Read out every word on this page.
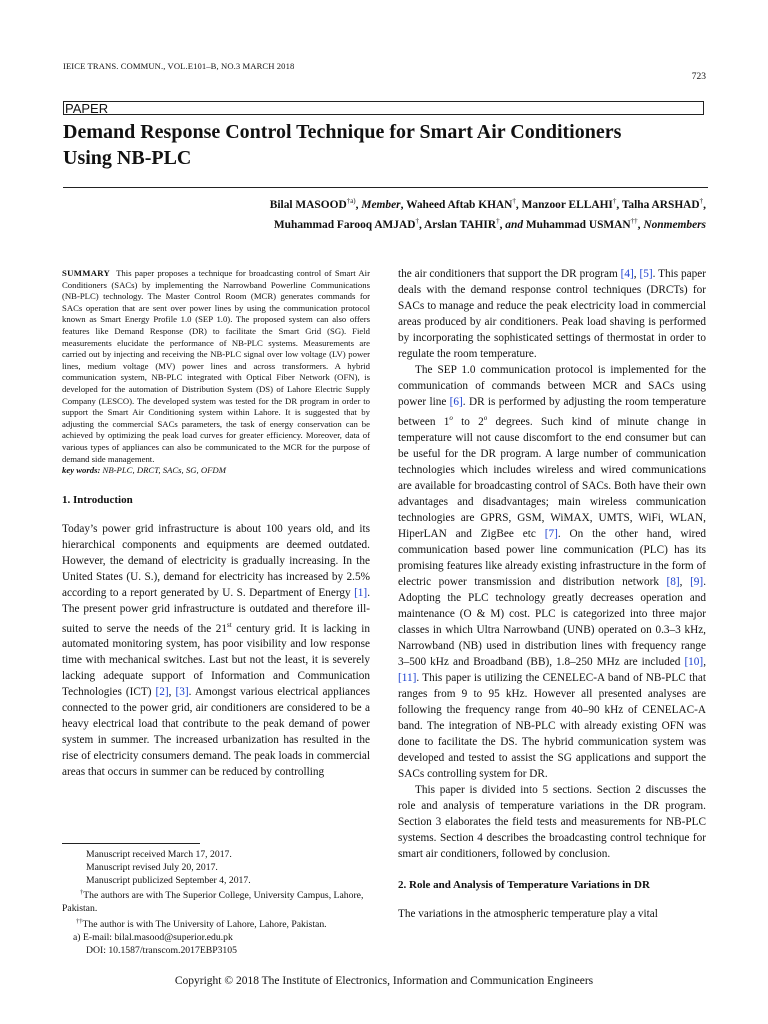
IEICE TRANS. COMMUN., VOL.E101–B, NO.3 MARCH 2018
723
PAPER
Demand Response Control Technique for Smart Air Conditioners
Using NB-PLC
Bilal MASOOD$^{\dagger a)}$, Member, Waheed Aftab KHAN†, Manzoor ELLAHI†, Talha ARSHAD†,
Muhammad Farooq AMJAD†, Arslan TAHIR†, and Muhammad USMAN††, Nonmembers

SUMMARY This paper proposes a technique for broadcasting control of Smart Air Conditioners (SACs) by implementing the Narrowband Powerline Communications (NB-PLC) technology. The Master Control Room (MCR) generates commands for SACs operation that are sent over power lines by using the communication protocol known as Smart Energy Profile 1.0 (SEP 1.0). The proposed system can also offers features like Demand Response (DR) to facilitate the Smart Grid (SG). Field measurements elucidate the performance of NB-PLC systems. Measurements are carried out by injecting and receiving the NB-PLC signal over low voltage (LV) power lines, medium voltage (MV) power lines and across transformers. A hybrid communication system, NB-PLC integrated with Optical Fiber Network (OFN), is developed for the automation of Distribution System (DS) of Lahore Electric Supply Company (LESCO). The developed system was tested for the DR program in order to support the Smart Air Conditioning system within Lahore. It is suggested that by adjusting the commercial SACs parameters, the task of energy conservation can be achieved by optimizing the peak load curves for greater efficiency. Moreover, data of various types of appliances can also be communicated to the MCR for the purpose of demand side management.

key words: NB-PLC, DRCT, SACs, SG, OFDM

1. Introduction

Today’s power grid infrastructure is about 100 years old, and its hierarchical components and equipments are deemed outdated. However, the demand of electricity is gradually increasing. In the United States (U. S.), demand for electricity has increased by 2.5% according to a report generated by U. S. Department of Energy [1]. The present power grid infrastructure is outdated and therefore ill-suited to serve the needs of the 21st century grid. It is lacking in automated monitoring system, has poor visibility and low response time with mechanical switches. Last but not the least, it is severely lacking adequate support of Information and Communication Technologies (ICT) [2], [3]. Amongst various electrical appliances connected to the power grid, air conditioners are considered to be a heavy electrical load that contribute to the peak demand of power system in summer. The increased urbanization has resulted in the rise of electricity consumers demand. The peak loads in commercial areas that occurs in summer can be reduced by controlling

the air conditioners that support the DR program [4], [5]. This paper deals with the demand response control techniques (DRCTs) for SACs to manage and reduce the peak electricity load in commercial areas produced by air conditioners. Peak load shaving is performed by incorporating the sophisticated settings of thermostat in order to regulate the room temperature.

The SEP 1.0 communication protocol is implemented for the communication of commands between MCR and SACs using power line [6]. DR is performed by adjusting the room temperature between 1$^o$ to 2$^o$ degrees. Such kind of minute change in temperature will not cause discomfort to the end consumer but can be useful for the DR program. A large number of communication technologies which includes wireless and wired communications are available for broadcasting control of SACs. Both have their own advantages and disadvantages; main wireless communication technologies are GPRS, GSM, WiMAX, UMTS, WiFi, WLAN, HiperLAN and ZigBee etc [7]. On the other hand, wired communication based power line communication (PLC) has its promising features like already existing infrastructure in the form of electric power transmission and distribution network [8], [9]. Adopting the PLC technology greatly decreases operation and maintenance (O & M) cost. PLC is categorized into three major classes in which Ultra Narrowband (UNB) operated on 0.3–3 kHz, Narrowband (NB) used in distribution lines with frequency range 3–500 kHz and Broadband (BB), 1.8–250 MHz are included [10], [11]. This paper is utilizing the CENELEC-A band of NB-PLC that ranges from 9 to 95 kHz. However all presented analyses are following the frequency range from 40–90 kHz of CENELAC-A band. The integration of NB-PLC with already existing OFN was done to facilitate the DS. The hybrid communication system was developed and tested to assist the SG applications and support the SACs controlling system for DR.

This paper is divided into 5 sections. Section 2 discusses the role and analysis of temperature variations in the DR program. Section 3 elaborates the field tests and measurements for NB-PLC systems. Section 4 describes the broadcasting control technique for smart air conditioners, followed by conclusion.

2. Role and Analysis of Temperature Variations in DR

The variations in the atmospheric temperature play a vital

Manuscript received March 17, 2017.

Manuscript revised July 20, 2017.

Manuscript publicized September 4, 2017.

†The authors are with The Superior College, University Campus, Lahore, Pakistan.

††The author is with The University of Lahore, Lahore, Pakistan.

a) E-mail: bilal.masood@superior.edu.pk

DOI: 10.1587/transcom.2017EBP3105

Copyright © 2018 The Institute of Electronics, Information and Communication Engineers
